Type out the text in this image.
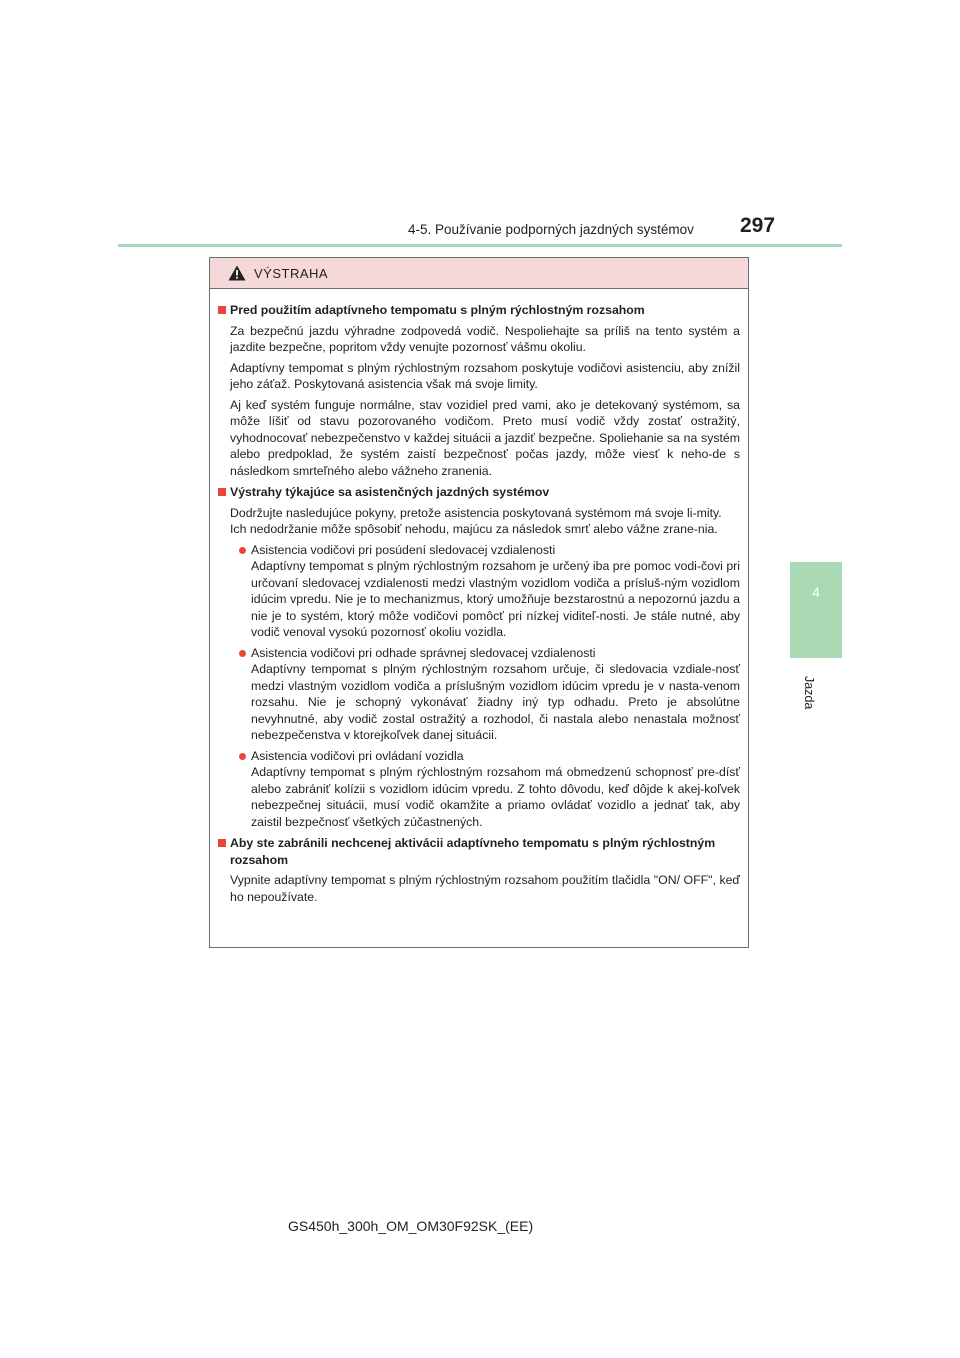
4-5. Používanie podporných jazdných systémov 297
4
Jazda
VÝSTRAHA
Pred použitím adaptívneho tempomatu s plným rýchlostným rozsahom
Za bezpečnú jazdu výhradne zodpovedá vodič. Nespoliehajte sa príliš na tento systém a jazdite bezpečne, popritom vždy venujte pozornosť vášmu okoliu.
Adaptívny tempomat s plným rýchlostným rozsahom poskytuje vodičovi asistenciu, aby znížil jeho záťaž. Poskytovaná asistencia však má svoje limity.
Aj keď systém funguje normálne, stav vozidiel pred vami, ako je detekovaný systémom, sa môže líšiť od stavu pozorovaného vodičom. Preto musí vodič vždy zostať ostražitý, vyhodnocovať nebezpečenstvo v každej situácii a jazdiť bezpečne. Spoliehanie sa na systém alebo predpoklad, že systém zaistí bezpečnosť počas jazdy, môže viesť k neho-de s následkom smrteľného alebo vážneho zranenia.
Výstrahy týkajúce sa asistenčných jazdných systémov
Dodržujte nasledujúce pokyny, pretože asistencia poskytovaná systémom má svoje li-mity.
Ich nedodržanie môže spôsobiť nehodu, majúcu za následok smrť alebo vážne zrane-nia.
Asistencia vodičovi pri posúdení sledovacej vzdialenosti
Adaptívny tempomat s plným rýchlostným rozsahom je určený iba pre pomoc vodi-čovi pri určovaní sledovacej vzdialenosti medzi vlastným vozidlom vodiča a prísluš-ným vozidlom idúcim vpredu. Nie je to mechanizmus, ktorý umožňuje bezstarostnú a nepozornú jazdu a nie je to systém, ktorý môže vodičovi pomôcť pri nízkej viditeľ-nosti. Je stále nutné, aby vodič venoval vysokú pozornosť okoliu vozidla.
Asistencia vodičovi pri odhade správnej sledovacej vzdialenosti
Adaptívny tempomat s plným rýchlostným rozsahom určuje, či sledovacia vzdiale-nosť medzi vlastným vozidlom vodiča a príslušným vozidlom idúcim vpredu je v nasta-venom rozsahu. Nie je schopný vykonávať žiadny iný typ odhadu. Preto je absolútne nevyhnutné, aby vodič zostal ostražitý a rozhodol, či nastala alebo nenastala možnosť nebezpečenstva v ktorejkoľvek danej situácii.
Asistencia vodičovi pri ovládaní vozidla
Adaptívny tempomat s plným rýchlostným rozsahom má obmedzenú schopnosť pre-dísť alebo zabrániť kolízii s vozidlom idúcim vpredu. Z tohto dôvodu, keď dôjde k akej-koľvek nebezpečnej situácii, musí vodič okamžite a priamo ovládať vozidlo a jednať tak, aby zaistil bezpečnosť všetkých zúčastnených.
Aby ste zabránili nechcenej aktivácii adaptívneho tempomatu s plným rýchlostným rozsahom
Vypnite adaptívny tempomat s plným rýchlostným rozsahom použitím tlačidla "ON/ OFF", keď ho nepoužívate.
GS450h_300h_OM_OM30F92SK_(EE)
